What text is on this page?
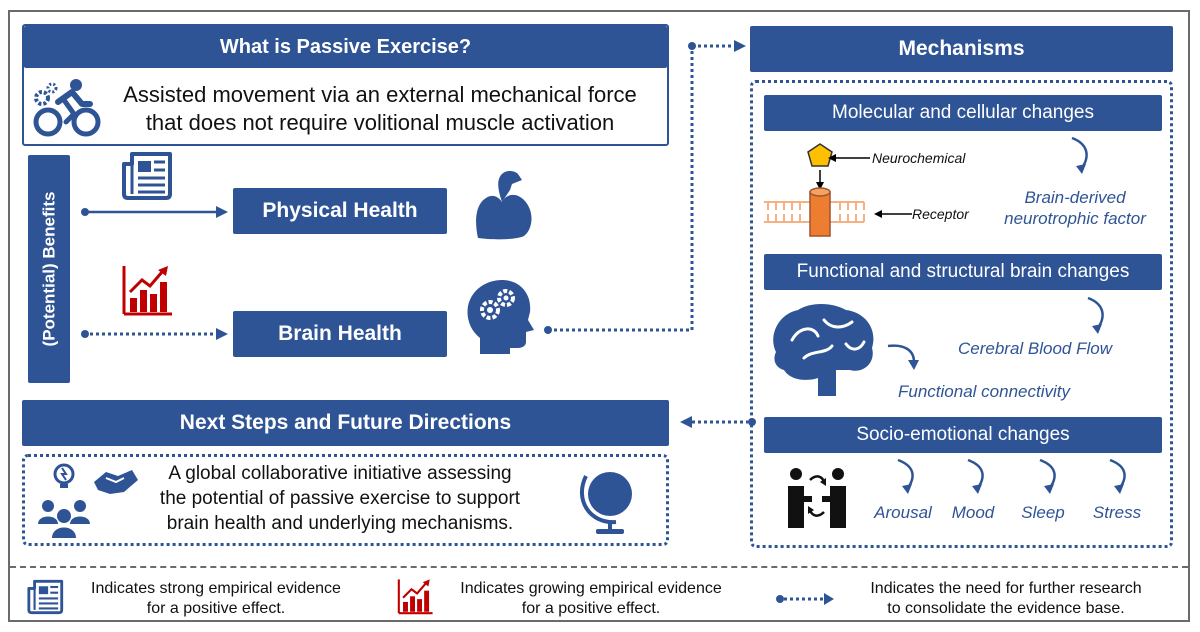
What is Passive Exercise?
Assisted movement via an external mechanical force
that does not require volitional muscle activation
(Potential) Benefits	Physical Health
Brain Health
Next Steps and Future Directions
A global collaborative initiative assessing
the potential of passive exercise to support
brain health and underlying mechanisms.
Mechanisms
Molecular and cellular changes
Neurochemical
Receptor
Brain-derived
neurotrophic factor
Functional and structural brain changes
Cerebral Blood Flow
Functional connectivity
Socio-emotional changes
Arousal	Mood	Sleep	Stress
Indicates strong empirical evidence
for a positive effect.
Indicates growing empirical evidence
for a positive effect.
Indicates the need for further research
to consolidate the evidence base.
